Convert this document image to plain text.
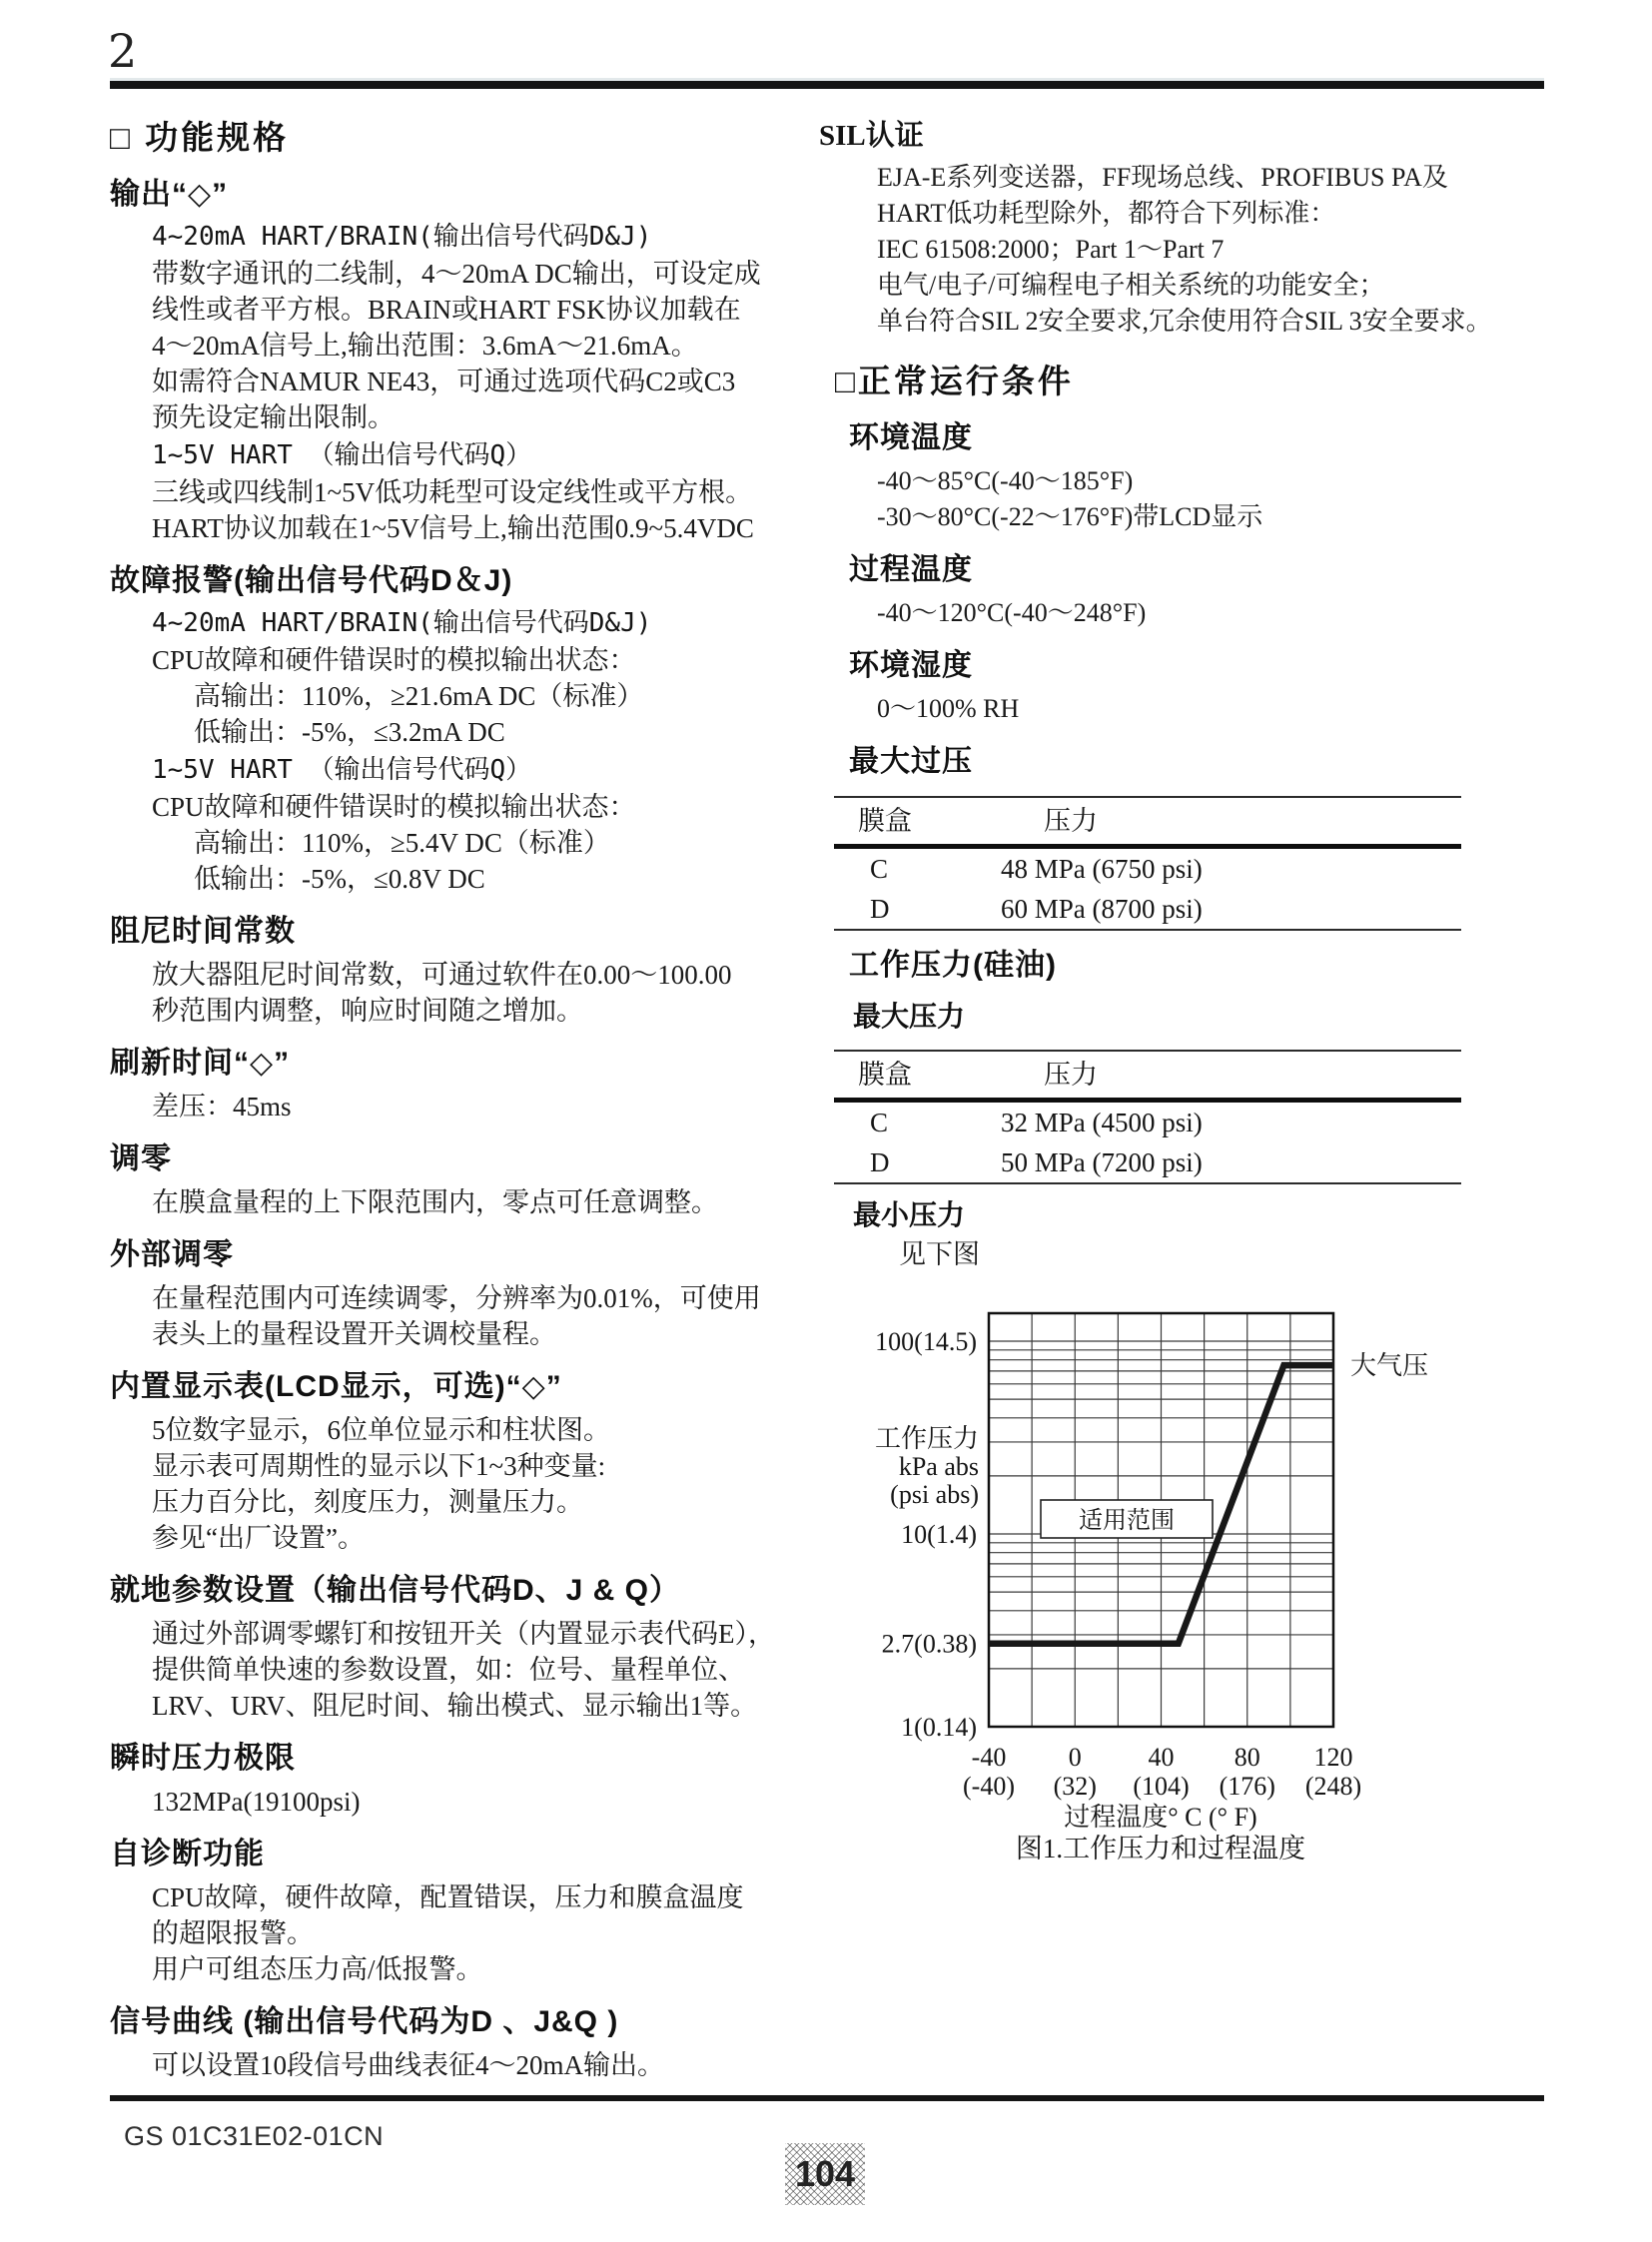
2
□ 功能规格
输出“◇”
4~20mA HART/BRAIN(输出信号代码D&J)
带数字通讯的二线制，4～20mA DC输出，可设定成
线性或者平方根。BRAIN或HART FSK协议加载在
4～20mA信号上,输出范围：3.6mA～21.6mA。
如需符合NAMUR NE43，可通过选项代码C2或C3
预先设定输出限制。
1~5V HART （输出信号代码Q）
三线或四线制1~5V低功耗型可设定线性或平方根。
HART协议加载在1~5V信号上,输出范围0.9~5.4VDC
故障报警(输出信号代码D＆J)
4~20mA HART/BRAIN(输出信号代码D&J)
CPU故障和硬件错误时的模拟输出状态：
高输出：110%，≥21.6mA DC（标准）
低输出：-5%，≤3.2mA DC
1~5V HART （输出信号代码Q）
CPU故障和硬件错误时的模拟输出状态：
高输出：110%，≥5.4V DC（标准）
低输出：-5%，≤0.8V DC
阻尼时间常数
放大器阻尼时间常数，可通过软件在0.00～100.00
秒范围内调整，响应时间随之增加。
刷新时间“◇”
差压：45ms
调零
在膜盒量程的上下限范围内，零点可任意调整。
外部调零
在量程范围内可连续调零，分辨率为0.01%，可使用
表头上的量程设置开关调校量程。
内置显示表(LCD显示，可选)“◇”
5位数字显示，6位单位显示和柱状图。
显示表可周期性的显示以下1~3种变量:
压力百分比，刻度压力，测量压力。
参见“出厂设置”。
就地参数设置（输出信号代码D、J & Q）
通过外部调零螺钉和按钮开关（内置显示表代码E），
提供简单快速的参数设置，如：位号、量程单位、
LRV、URV、阻尼时间、输出模式、显示输出1等。
瞬时压力极限
132MPa(19100psi)
自诊断功能
CPU故障，硬件故障，配置错误，压力和膜盒温度
的超限报警。
用户可组态压力高/低报警。
信号曲线 (输出信号代码为D 、J&Q )
可以设置10段信号曲线表征4～20mA输出。
SIL认证
EJA-E系列变送器，FF现场总线、PROFIBUS PA及
HART低功耗型除外，都符合下列标准：
IEC 61508:2000；Part 1～Part 7
电气/电子/可编程电子相关系统的功能安全；
单台符合SIL 2安全要求,冗余使用符合SIL 3安全要求。
□正常运行条件
环境温度
-40～85°C(-40～185°F)
-30～80°C(-22～176°F)带LCD显示
过程温度
-40～120°C(-40～248°F)
环境湿度
0～100% RH
最大过压
膜盒	压力
C	48 MPa (6750 psi)
D	60 MPa (8700 psi)
工作压力(硅油)
最大压力
膜盒	压力
C	32 MPa (4500 psi)
D	50 MPa (7200 psi)
最小压力
见下图
适用范围
大气压
100(14.5)
10(1.4)
2.7(0.38)
1(0.14)
工作压力
kPa abs
(psi abs)
-40
(-40)
0
(32)
40
(104)
80
(176)
120
(248)
过程温度° C (° F)
图1.工作压力和过程温度
GS 01C31E02-01CN
104
